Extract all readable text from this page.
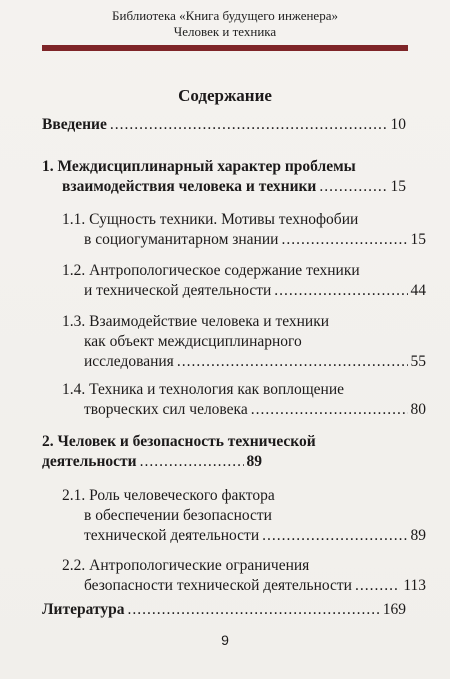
Библиотека «Книга будущего инженера»
Человек и техника
Содержание
Введение .....	10
1. Междисциплинарный характер проблемы
взаимодействия человека и техники .....	15
1.1. Сущность техники. Мотивы технофобии
в социогуманитарном знании .....	15
1.2. Антропологическое содержание техники
и технической деятельности .....	44
1.3. Взаимодействие человека и техники
как объект междисциплинарного
исследования .....	55
1.4. Техника и технология как воплощение
творческих сил человека .....	80
2. Человек и безопасность технической
деятельности .....	89
2.1. Роль человеческого фактора
в обеспечении безопасности
технической деятельности .....	89
2.2. Антропологические ограничения
безопасности технической деятельности .....	113
Литература .....	169
9
